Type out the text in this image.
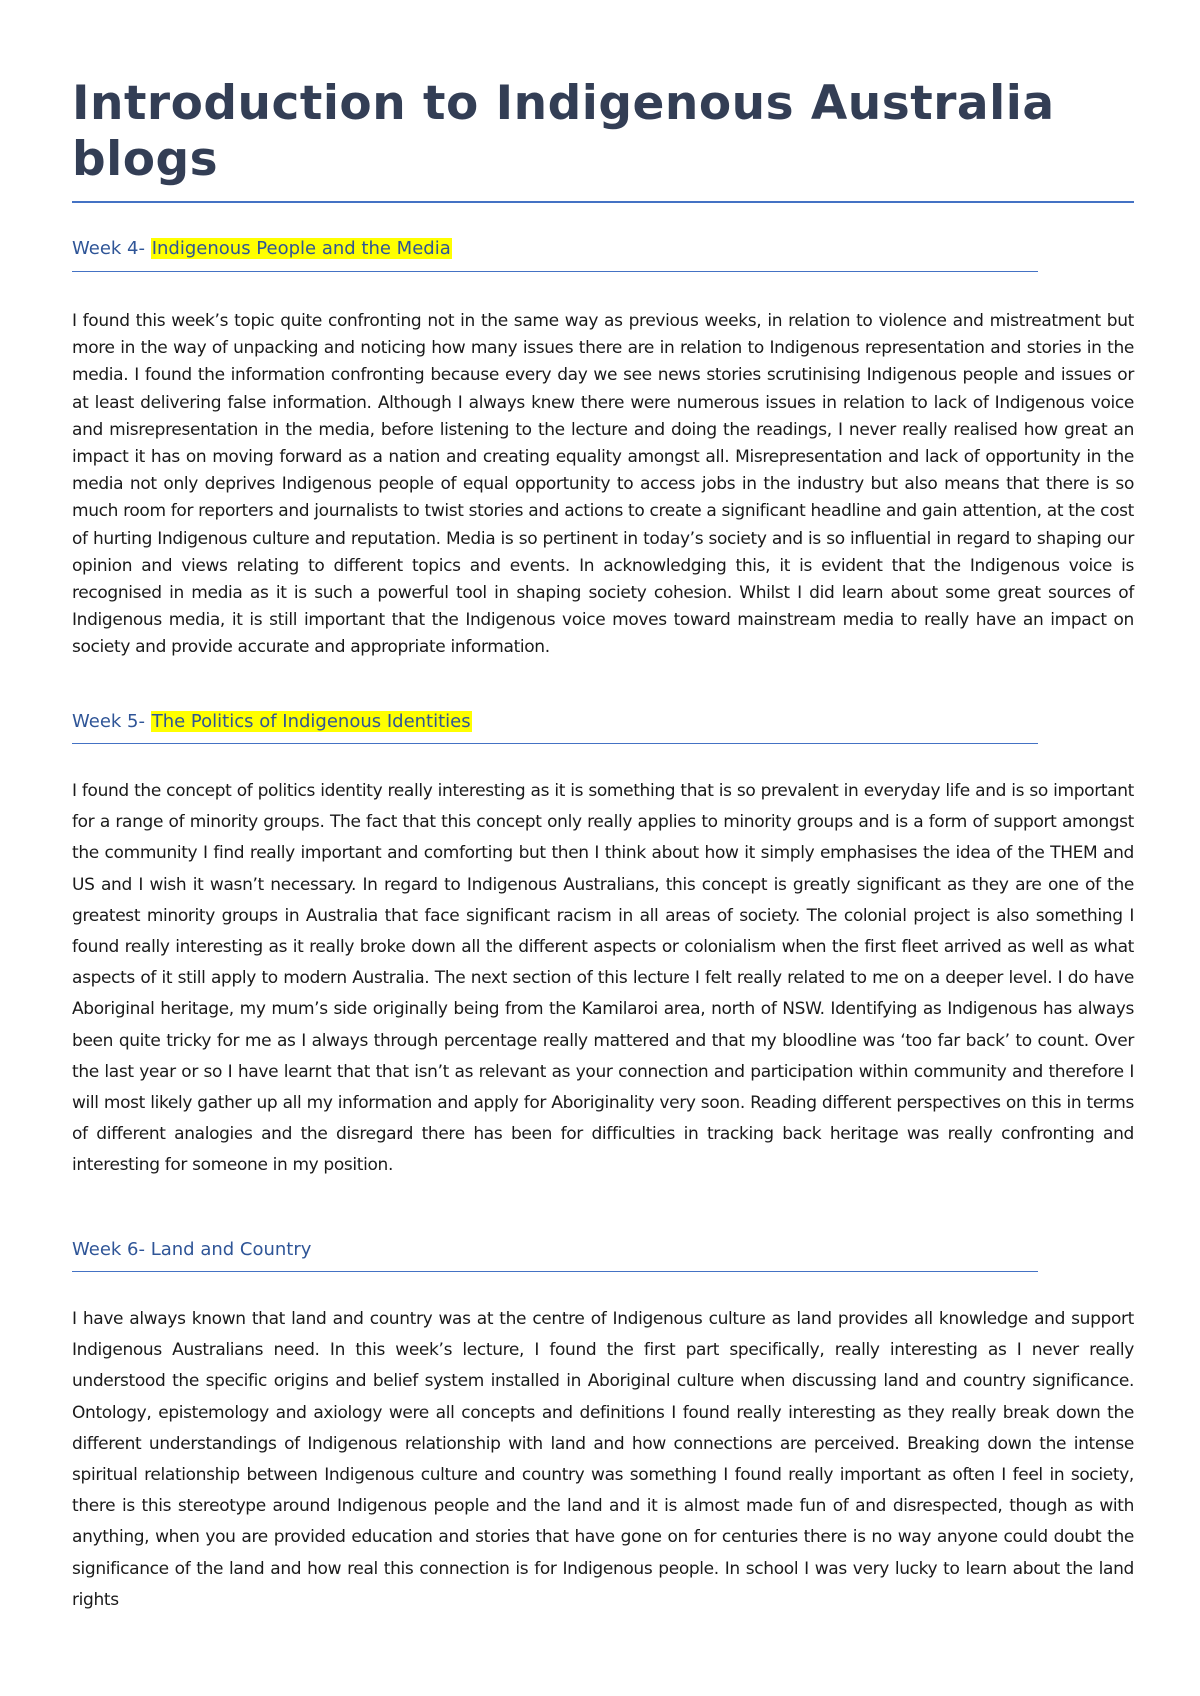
Introduction to Indigenous Australia blogs
Week 4- Indigenous People and the Media

I found this week’s topic quite confronting not in the same way as previous weeks, in relation to violence and mistreatment but more in the way of unpacking and noticing how many issues there are in relation to Indigenous representation and stories in the media. I found the information confronting because every day we see news stories scrutinising Indigenous people and issues or at least delivering false information. Although I always knew there were numerous issues in relation to lack of Indigenous voice and misrepresentation in the media, before listening to the lecture and doing the readings, I never really realised how great an impact it has on moving forward as a nation and creating equality amongst all. Misrepresentation and lack of opportunity in the media not only deprives Indigenous people of equal opportunity to access jobs in the industry but also means that there is so much room for reporters and journalists to twist stories and actions to create a significant headline and gain attention, at the cost of hurting Indigenous culture and reputation. Media is so pertinent in today’s society and is so influential in regard to shaping our opinion and views relating to different topics and events. In acknowledging this, it is evident that the Indigenous voice is recognised in media as it is such a powerful tool in shaping society cohesion. Whilst I did learn about some great sources of Indigenous media, it is still important that the Indigenous voice moves toward mainstream media to really have an impact on society and provide accurate and appropriate information.

Week 5- The Politics of Indigenous Identities

I found the concept of politics identity really interesting as it is something that is so prevalent in everyday life and is so important for a range of minority groups. The fact that this concept only really applies to minority groups and is a form of support amongst the community I find really important and comforting but then I think about how it simply emphasises the idea of the THEM and US and I wish it wasn’t necessary. In regard to Indigenous Australians, this concept is greatly significant as they are one of the greatest minority groups in Australia that face significant racism in all areas of society. The colonial project is also something I found really interesting as it really broke down all the different aspects or colonialism when the first fleet arrived as well as what aspects of it still apply to modern Australia. The next section of this lecture I felt really related to me on a deeper level. I do have Aboriginal heritage, my mum’s side originally being from the Kamilaroi area, north of NSW. Identifying as Indigenous has always been quite tricky for me as I always through percentage really mattered and that my bloodline was ‘too far back’ to count. Over the last year or so I have learnt that that isn’t as relevant as your connection and participation within community and therefore I will most likely gather up all my information and apply for Aboriginality very soon. Reading different perspectives on this in terms of different analogies and the disregard there has been for difficulties in tracking back heritage was really confronting and interesting for someone in my position.

Week 6- Land and Country

I have always known that land and country was at the centre of Indigenous culture as land provides all knowledge and support Indigenous Australians need. In this week’s lecture, I found the first part specifically, really interesting as I never really understood the specific origins and belief system installed in Aboriginal culture when discussing land and country significance. Ontology, epistemology and axiology were all concepts and definitions I found really interesting as they really break down the different understandings of Indigenous relationship with land and how connections are perceived. Breaking down the intense spiritual relationship between Indigenous culture and country was something I found really important as often I feel in society, there is this stereotype around Indigenous people and the land and it is almost made fun of and disrespected, though as with anything, when you are provided education and stories that have gone on for centuries there is no way anyone could doubt the significance of the land and how real this connection is for Indigenous people. In school I was very lucky to learn about the land rights
